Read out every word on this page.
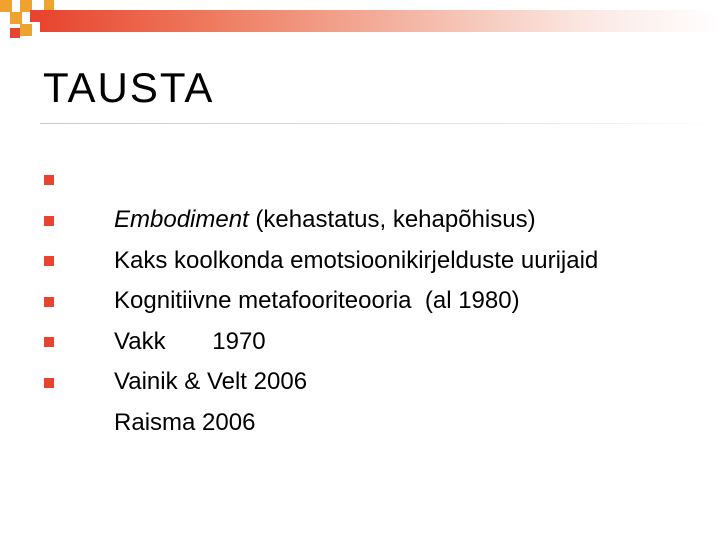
TAUSTA

Embodiment (kehastatus, kehapõhisus)

Kaks koolkonda emotsioonikirjelduste uurijaid

Kognitiivne metafooriteooria  (al 1980)

Vakk       1970

Vainik & Velt 2006

Raisma 2006
